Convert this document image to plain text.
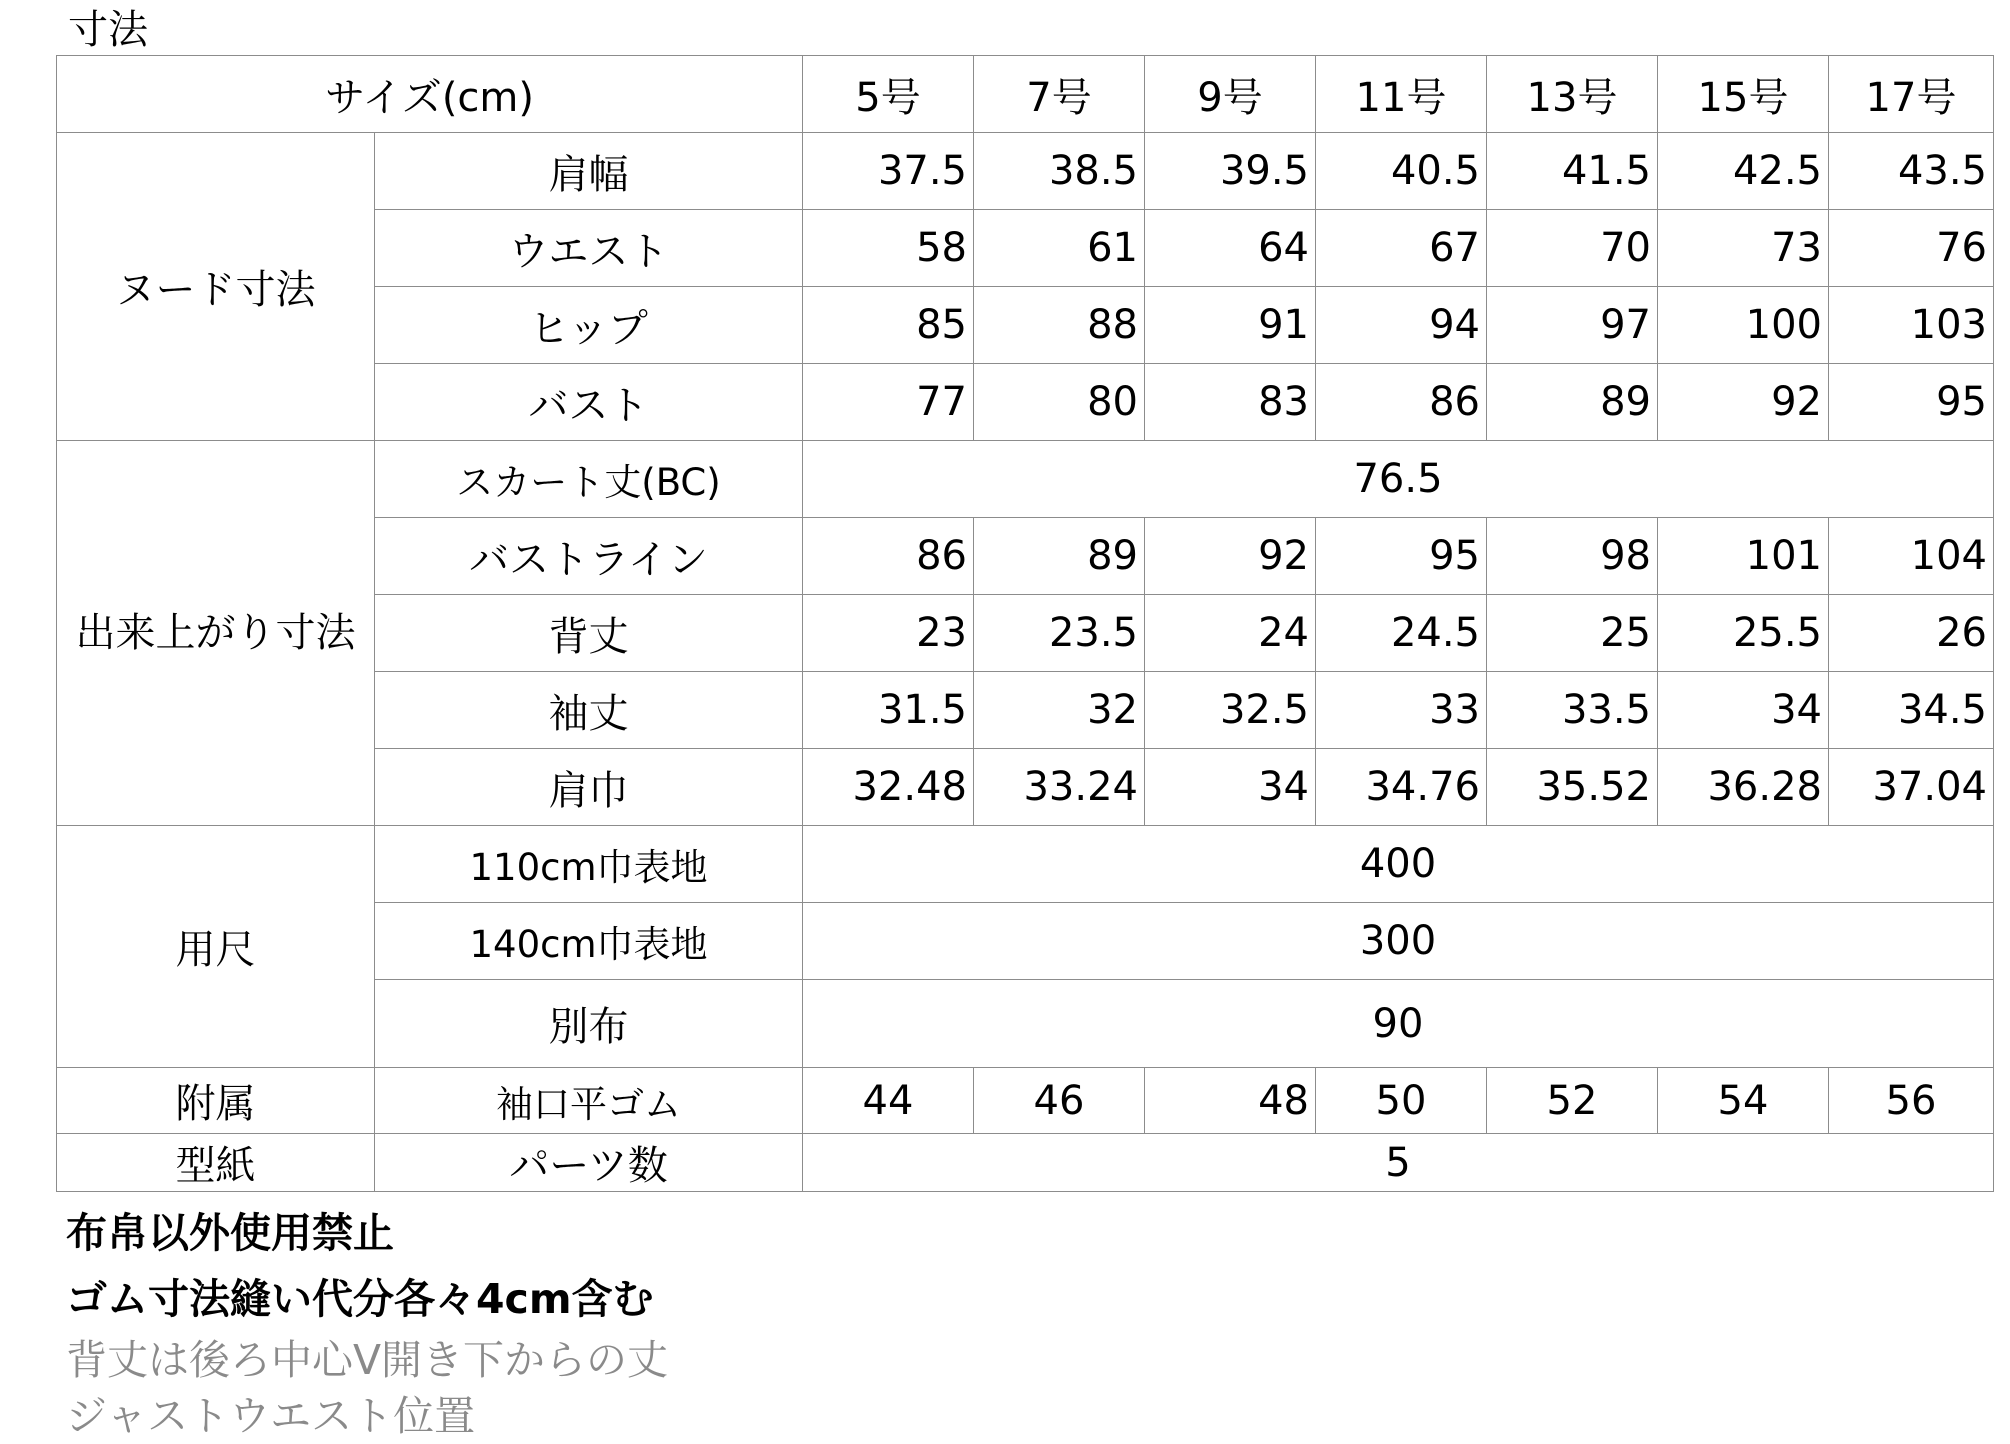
寸法
サイズ(cm)		5号	7号	9号	11号	13号	15号	17号
ヌード寸法	肩幅	37.5	38.5	39.5	40.5	41.5	42.5	43.5
	ウエスト	58	61	64	67	70	73	76
	ヒップ	85	88	91	94	97	100	103
	バスト	77	80	83	86	89	92	95
出来上がり寸法	スカート丈(BC)	76.5						
	バストライン	86	89	92	95	98	101	104
	背丈	23	23.5	24	24.5	25	25.5	26
	袖丈	31.5	32	32.5	33	33.5	34	34.5
	肩巾	32.48	33.24	34	34.76	35.52	36.28	37.04
用尺	110cm巾表地	400						
	140cm巾表地	300						
	別布	90						
附属	袖口平ゴム	44	46	48	50	52	54	56
型紙	パーツ数	5						
布帛以外使用禁止
ゴム寸法縫い代分各々4cm含む
背丈は後ろ中心V開き下からの丈
ジャストウエスト位置
